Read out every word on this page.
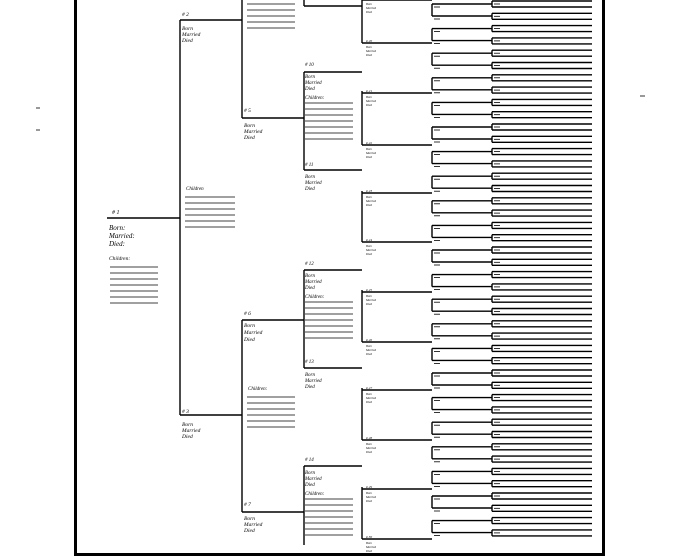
# 1
Born:
Married:
Died:
Children:
# 2
Born
Married
Died
Children
# 3
Born
Married
Died
# 5
Born
Married
Died
# 6
Born
Married
Died
Children:
# 7
Born
Married
Died
# 10
Born
Married
Died
Children:
# 11
Born
Married
Died
# 12
Born
Married
Died
Children:
# 13
Born
Married
Died
# 14
Born
Married
Died
Children:
Born
Married
Died
# 20
Born
Married
Died
# 21
Born
Married
Died
# 22
Born
Married
Died
# 23
Born
Married
Died
# 24
Born
Married
Died
# 25
Born
Married
Died
# 26
Born
Married
Died
# 27
Born
Married
Died
# 28
Born
Married
Died
# 29
Born
Married
Died
# 30
Born
Married
Died
